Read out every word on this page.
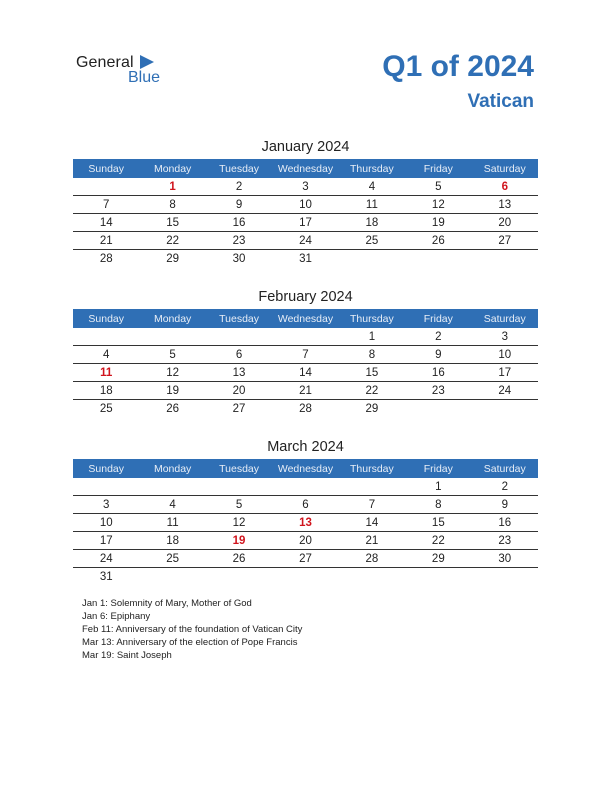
General
Blue	Q1 of 2024
Vatican
January 2024
Sunday	Monday	Tuesday	Wednesday	Thursday	Friday	Saturday
	1	2	3	4	5	6
7	8	9	10	11	12	13
14	15	16	17	18	19	20
21	22	23	24	25	26	27
28	29	30	31			
February 2024
Sunday	Monday	Tuesday	Wednesday	Thursday	Friday	Saturday
				1	2	3
4	5	6	7	8	9	10
11	12	13	14	15	16	17
18	19	20	21	22	23	24
25	26	27	28	29		
March 2024
Sunday	Monday	Tuesday	Wednesday	Thursday	Friday	Saturday
					1	2
3	4	5	6	7	8	9
10	11	12	13	14	15	16
17	18	19	20	21	22	23
24	25	26	27	28	29	30
31						
Jan 1: Solemnity of Mary, Mother of God
Jan 6: Epiphany
Feb 11: Anniversary of the foundation of Vatican City
Mar 13: Anniversary of the election of Pope Francis
Mar 19: Saint Joseph
